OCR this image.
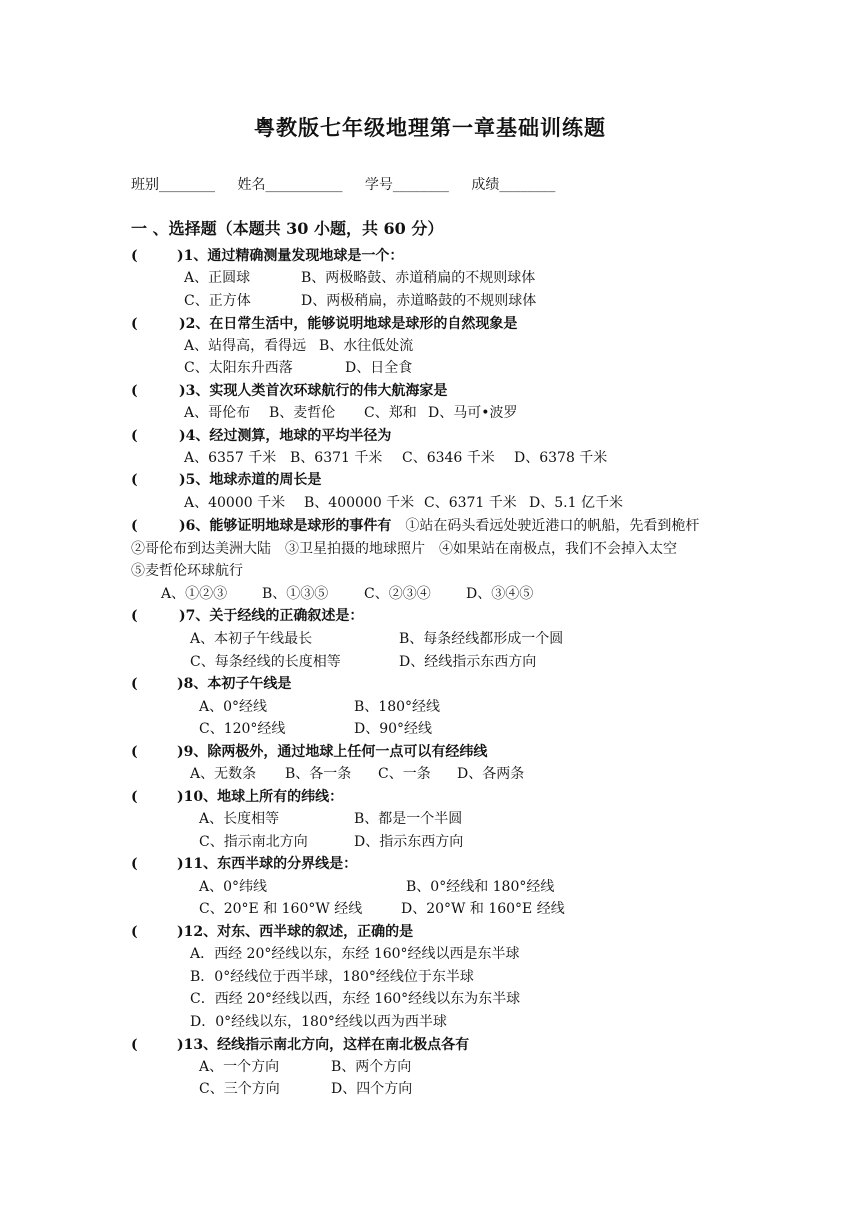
粤教版七年级地理第一章基础训练题
班别________ 姓名___________ 学号________ 成绩________
一 、选择题（本题共 30 小题，共 60 分）
(	)1、通过精确测量发现地球是一个：
A、正圆球	B、两极略鼓、赤道稍扁的不规则球体
C、正方体	D、两极稍扁，赤道略鼓的不规则球体
(	)2、在日常生活中，能够说明地球是球形的自然现象是
A、站得高，看得远 B、水往低处流
C、太阳东升西落	D、日全食
(	)3、实现人类首次环球航行的伟大航海家是
A、哥伦布 B、麦哲伦 C、郑和 D、马可•波罗
(	)4、经过测算，地球的平均半径为
A、6357 千米 B、6371 千米 C、6346 千米 D、6378 千米
(	)5、地球赤道的周长是
A、40000 千米 B、400000 千米 C、6371 千米 D、5.1 亿千米
(	)6、能够证明地球是球形的事件有 ①站在码头看远处驶近港口的帆船，先看到桅杆
②哥伦布到达美洲大陆　③卫星拍摄的地球照片　④如果站在南极点，我们不会掉入太空
⑤麦哲伦环球航行
A、①②③ B、①③⑤	C、②③④	D、③④⑤
(	)7、关于经线的正确叙述是：
A、本初子午线最长	B、每条经线都形成一个圆
C、每条经线的长度相等	D、经线指示东西方向
(	)8、本初子午线是
A、0°经线	B、180°经线
C、120°经线	D、90°经线
(	)9、除两极外，通过地球上任何一点可以有经纬线
A、无数条 B、各一条 C、一条 D、各两条
(	)10、地球上所有的纬线：
A、长度相等	B、都是一个半圆
C、指示南北方向	D、指示东西方向
(	)11、东西半球的分界线是：
A、0°纬线	B、0°经线和 180°经线
C、20°E 和 160°W 经线	D、20°W 和 160°E 经线
(	)12、对东、西半球的叙述，正确的是
A．西经 20°经线以东，东经 160°经线以西是东半球
B．0°经线位于西半球，180°经线位于东半球
C．西经 20°经线以西，东经 160°经线以东为东半球
D．0°经线以东，180°经线以西为西半球
(	)13、经线指示南北方向，这样在南北极点各有
A、一个方向	B、两个方向
C、三个方向	D、四个方向
